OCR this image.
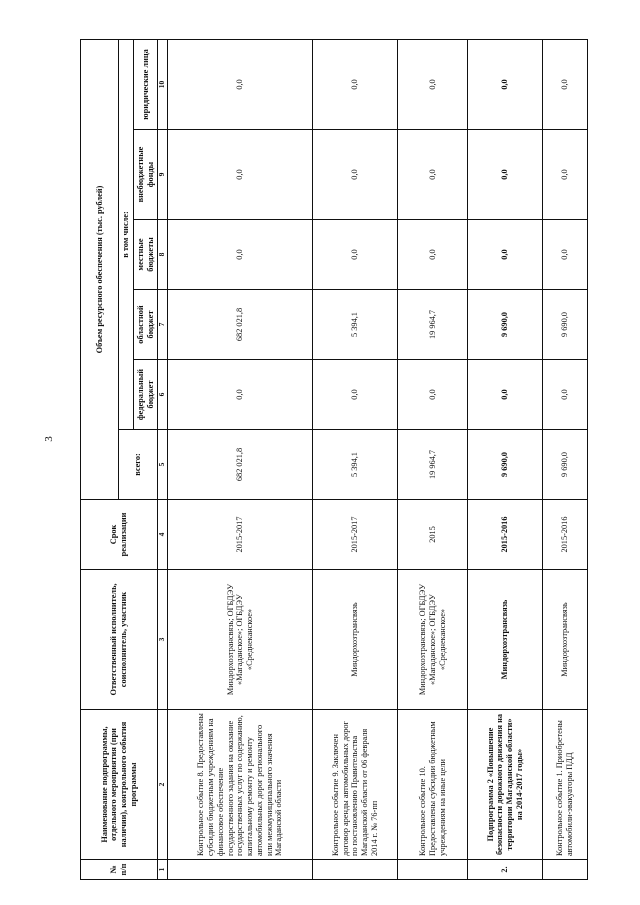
3
№ п/п	Наименование подпрограммы, отдельного мероприятия (при наличии), контрольного события программы	Ответственный исполнитель, соисполнитель, участник	Срок реализации	Объем ресурсного обеспечения (тыс. рублей)					
				всего:	в том числе:				
					федеральный бюджет	областной бюджет	местные бюджеты	внебюджетные фонды	юридические лица
1	2	3	4	5	6	7	8	9	10
	Контрольное событие 8. Предоставлены субсидии бюджетным учреждениям на финансовое обеспечение государственного задания на оказание государственных услуг по содержанию, капитальному ремонту и ремонту автомобильных дорог регионального или межмуниципального значения Магаданской области	Миндорхозтрансвязь; ОГБДЭУ «Магаданское»; ОГБДЭУ «Среднеканское»	2015-2017	682 021,8	0,0	682 021,8	0,0	0,0	0,0
	Контрольное событие 9. Заключен договор аренды автомобильных дорог по постановлению Правительства Магаданской области от 06 февраля 2014 г. № 76-пп	Миндорхозтрансвязь	2015-2017	5 394,1	0,0	5 394,1	0,0	0,0	0,0
	Контрольное событие 10. Предоставлены субсидии бюджетным учреждениям на иные цели	Миндорхозтрансвязь; ОГБДЭУ «Магаданское»; ОГБДЭУ «Среднеканское»	2015	19 964,7	0,0	19 964,7	0,0	0,0	0,0
2.	Подпрограмма 2 «Повышение безопасности дорожного движения на территории Магаданской области» на 2014-2017 годы»	Миндорхозтрансвязь	2015-2016	9 690,0	0,0	9 690,0	0,0	0,0	0,0
	Контрольное событие 1. Приобретены автомобили-эвакуаторы ПДД	Миндорхозтрансвязь	2015-2016	9 690,0	0,0	9 690,0	0,0	0,0	0,0
